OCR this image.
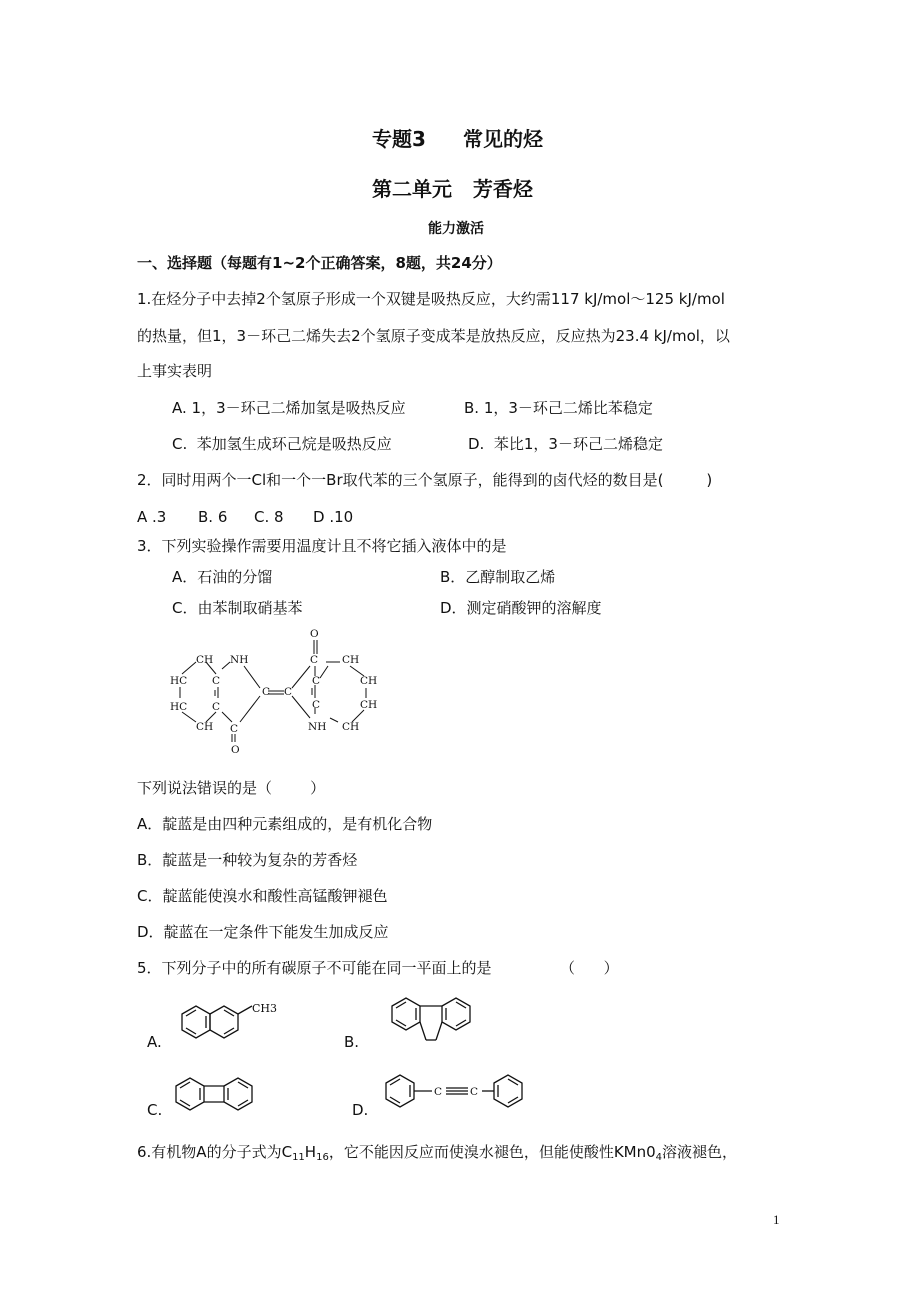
专题3 常见的烃
第二单元   芳香烃
能力激活
一、选择题（每题有1~2个正确答案，8题，共24分）
1.在烃分子中去掉2个氢原子形成一个双键是吸热反应，大约需117 kJ/mol～125 kJ/mol
的热量，但1，3－环己二烯失去2个氢原子变成苯是放热反应，反应热为23.4 kJ/mol，以
上事实表明
A. 1，3－环己二烯加氢是吸热反应	B. 1，3－环己二烯比苯稳定
C.  苯加氢生成环己烷是吸热反应	D.  苯比1，3－环己二烯稳定
2．同时用两个一Cl和一个一Br取代苯的三个氢原子，能得到的卤代烃的数目是(         )
A .3 B. 6 C. 8 D .10
3．下列实验操作需要用温度计且不将它插入液体中的是
A．石油的分馏	B．乙醇制取乙烯
C．由苯制取硝基苯	D．测定硝酸钾的溶解度
O
CH NH
HC C
C C
CH
HC C
C
CH
C
C
C
O
CH
CH
CH
NH
下列说法错误的是（        ）
A．靛蓝是由四种元素组成的，是有机化合物
B．靛蓝是一种较为复杂的芳香烃
C．靛蓝能使溴水和酸性高锰酸钾褪色
D．靛蓝在一定条件下能发生加成反应
5．下列分子中的所有碳原子不可能在同一平面上的是	（      ）
A.
CH3
B.
C.	D.
C	C
6.有机物A的分子式为$C_{11}H_{16}$，它不能因反应而使溴水褪色，但能使酸性$KMn0_4$溶液褪色，
1
